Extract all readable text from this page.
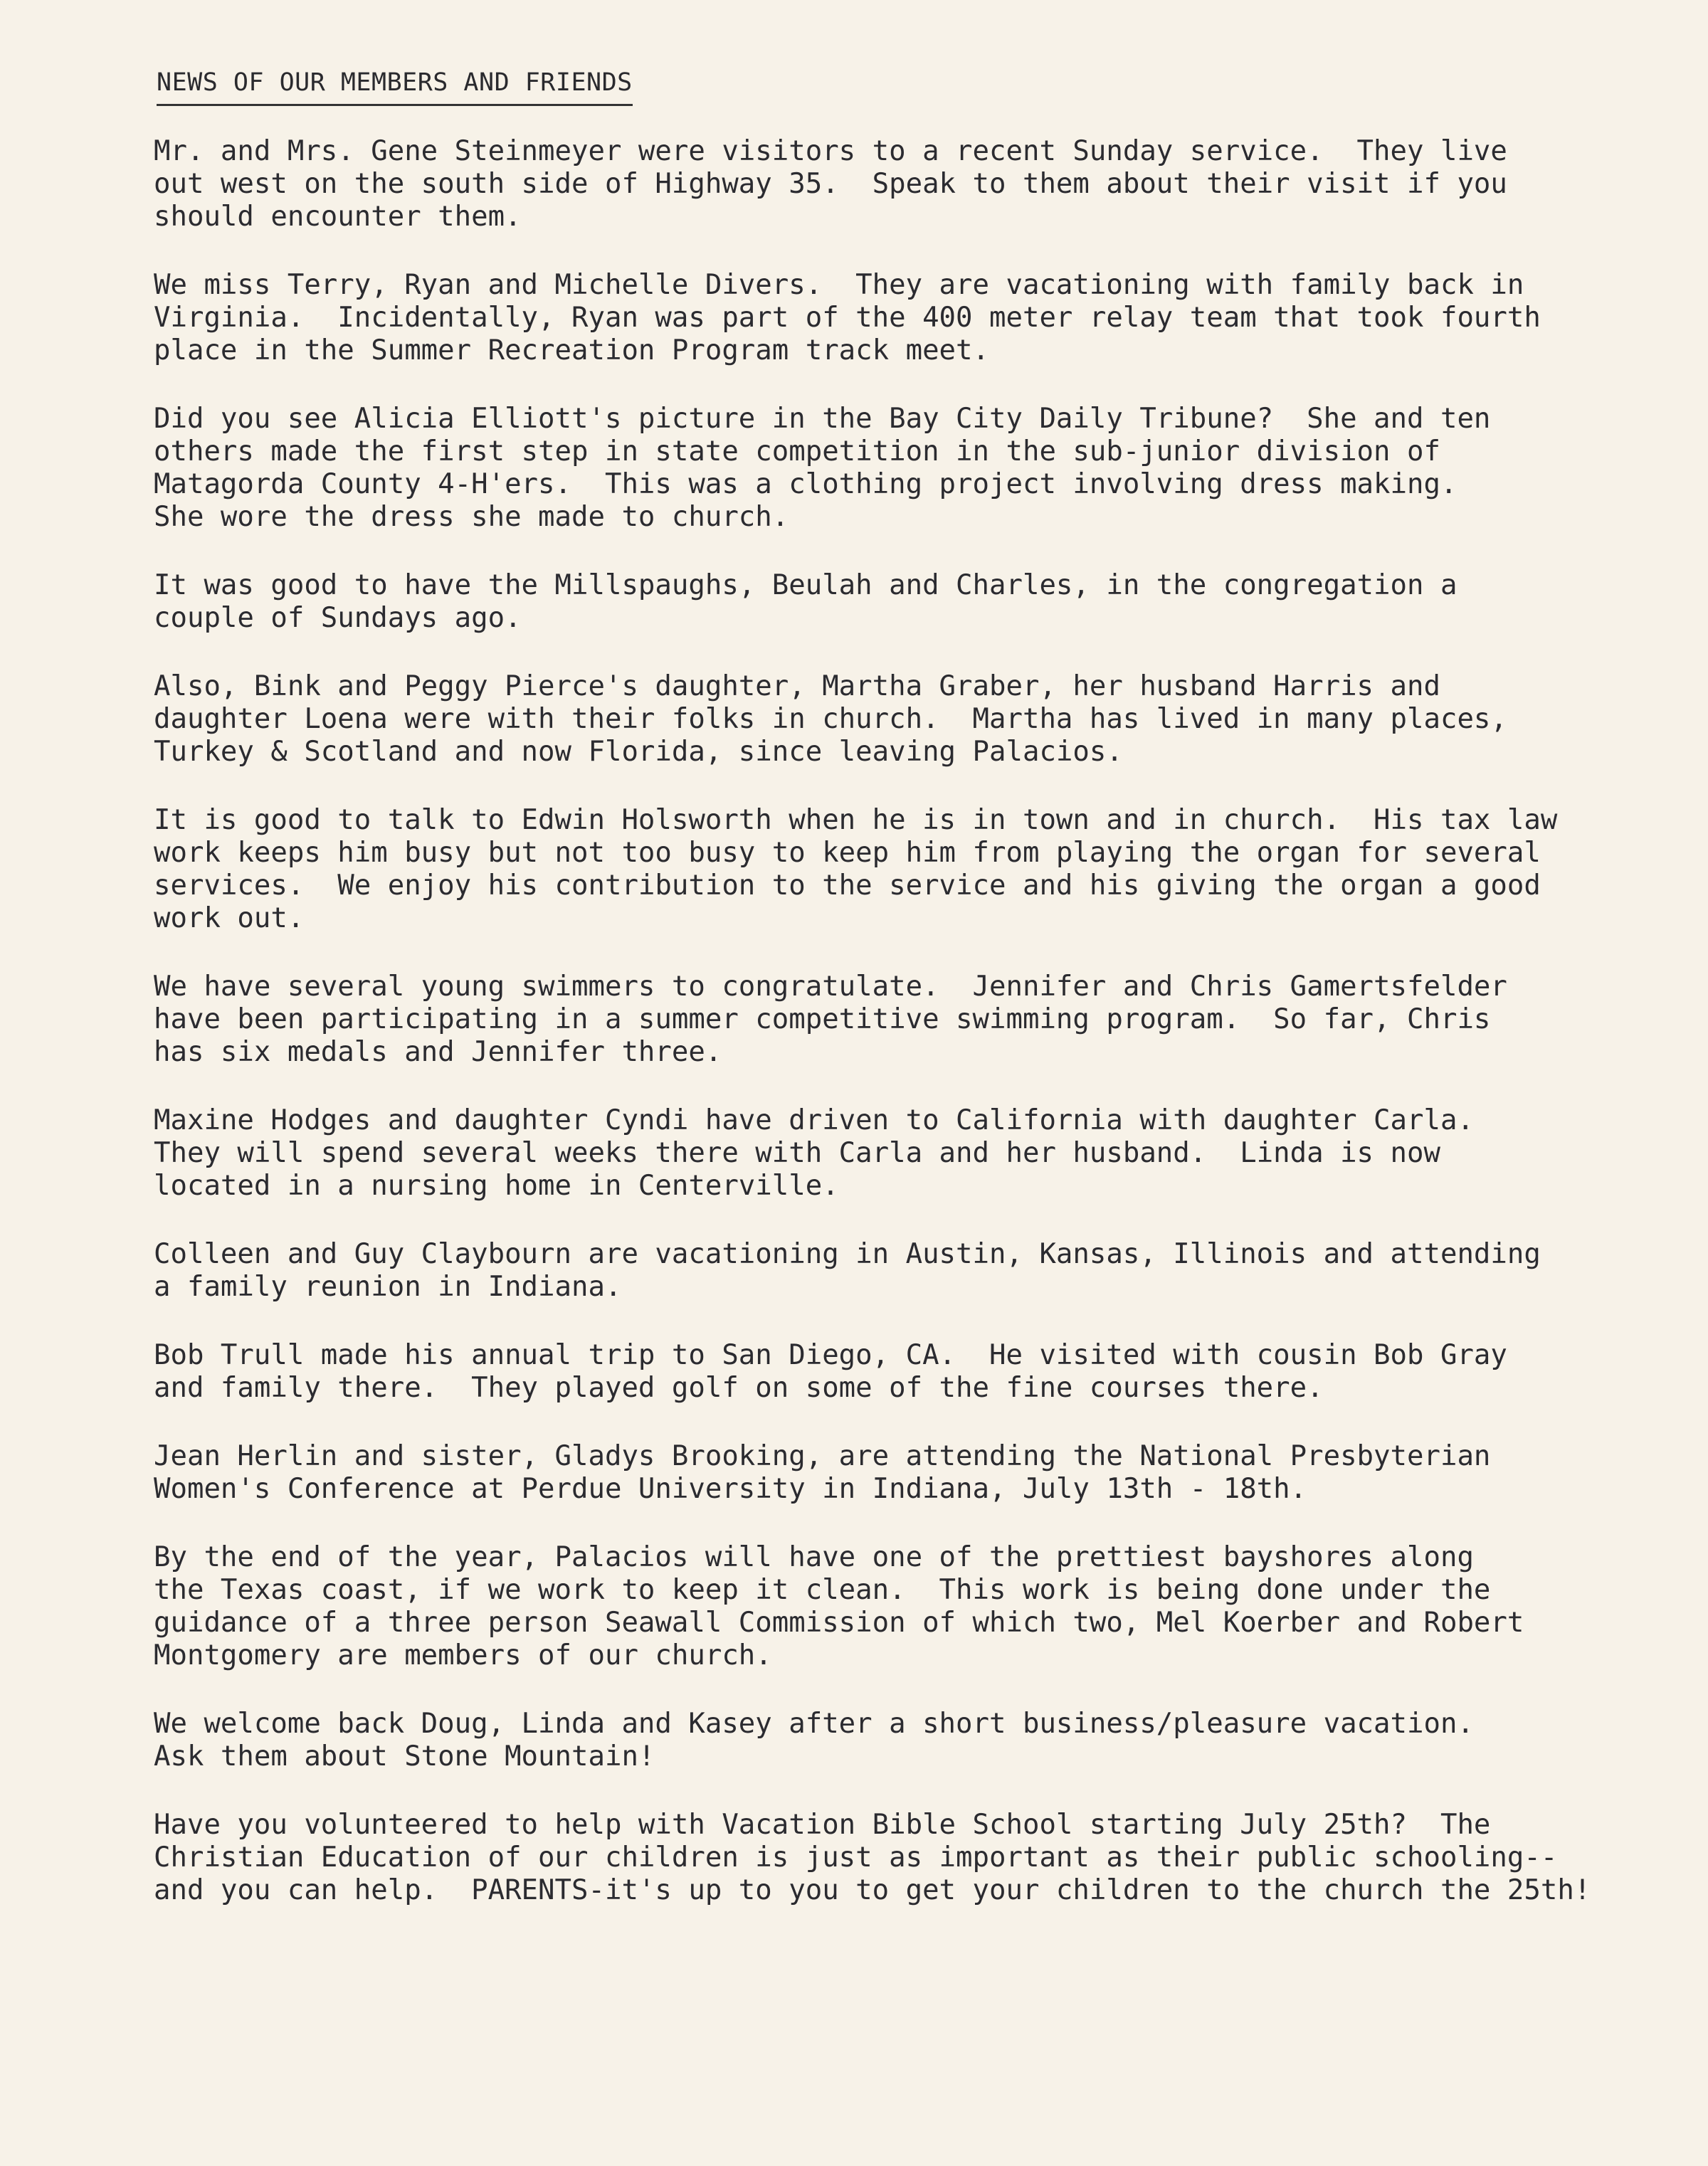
NEWS OF OUR MEMBERS AND FRIENDS
Mr. and Mrs. Gene Steinmeyer were visitors to a recent Sunday service.  They live
out west on the south side of Highway 35.  Speak to them about their visit if you
should encounter them.
We miss Terry, Ryan and Michelle Divers.  They are vacationing with family back in
Virginia.  Incidentally, Ryan was part of the 400 meter relay team that took fourth
place in the Summer Recreation Program track meet.
Did you see Alicia Elliott's picture in the Bay City Daily Tribune?  She and ten
others made the first step in state competition in the sub-junior division of
Matagorda County 4-H'ers.  This was a clothing project involving dress making.
She wore the dress she made to church.
It was good to have the Millspaughs, Beulah and Charles, in the congregation a
couple of Sundays ago.
Also, Bink and Peggy Pierce's daughter, Martha Graber, her husband Harris and
daughter Loena were with their folks in church.  Martha has lived in many places,
Turkey & Scotland and now Florida, since leaving Palacios.
It is good to talk to Edwin Holsworth when he is in town and in church.  His tax law
work keeps him busy but not too busy to keep him from playing the organ for several
services.  We enjoy his contribution to the service and his giving the organ a good
work out.
We have several young swimmers to congratulate.  Jennifer and Chris Gamertsfelder
have been participating in a summer competitive swimming program.  So far, Chris
has six medals and Jennifer three.
Maxine Hodges and daughter Cyndi have driven to California with daughter Carla.
They will spend several weeks there with Carla and her husband.  Linda is now
located in a nursing home in Centerville.
Colleen and Guy Claybourn are vacationing in Austin, Kansas, Illinois and attending
a family reunion in Indiana.
Bob Trull made his annual trip to San Diego, CA.  He visited with cousin Bob Gray
and family there.  They played golf on some of the fine courses there.
Jean Herlin and sister, Gladys Brooking, are attending the National Presbyterian
Women's Conference at Perdue University in Indiana, July 13th - 18th.
By the end of the year, Palacios will have one of the prettiest bayshores along
the Texas coast, if we work to keep it clean.  This work is being done under the
guidance of a three person Seawall Commission of which two, Mel Koerber and Robert
Montgomery are members of our church.
We welcome back Doug, Linda and Kasey after a short business/pleasure vacation.
Ask them about Stone Mountain!
Have you volunteered to help with Vacation Bible School starting July 25th?  The
Christian Education of our children is just as important as their public schooling--
and you can help.  PARENTS-it's up to you to get your children to the church the 25th!
